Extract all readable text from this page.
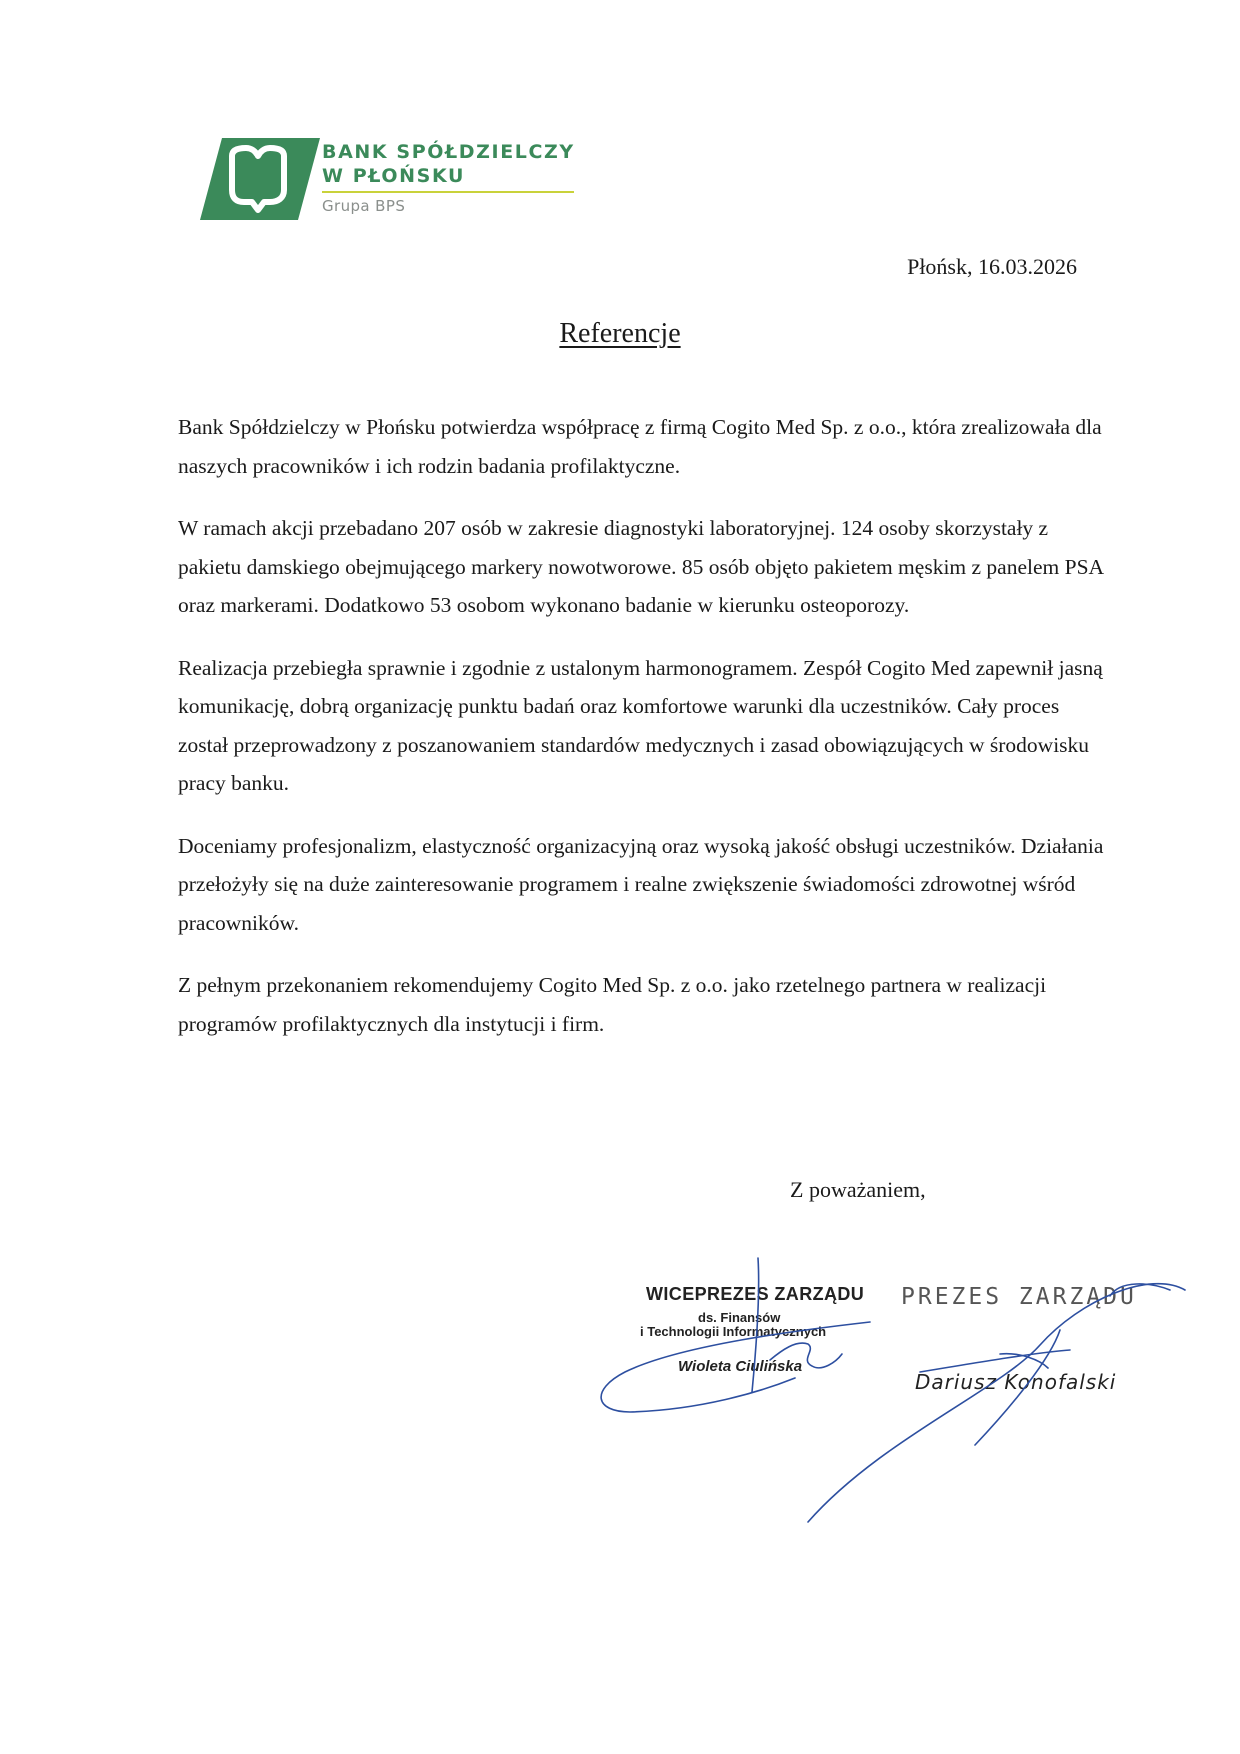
BANK SPÓŁDZIELCZY
W PŁOŃSKU
Grupa BPS
Płońsk, 16.03.2026
Referencje

Bank Spółdzielczy w Płońsku potwierdza współpracę z firmą Cogito Med Sp. z o.o., która zrealizowała dla naszych pracowników i ich rodzin badania profilaktyczne.

W ramach akcji przebadano 207 osób w zakresie diagnostyki laboratoryjnej. 124 osoby skorzystały z pakietu damskiego obejmującego markery nowotworowe. 85 osób objęto pakietem męskim z panelem PSA oraz markerami. Dodatkowo 53 osobom wykonano badanie w kierunku osteoporozy.

Realizacja przebiegła sprawnie i zgodnie z ustalonym harmonogramem. Zespół Cogito Med zapewnił jasną komunikację, dobrą organizację punktu badań oraz komfortowe warunki dla uczestników. Cały proces został przeprowadzony z poszanowaniem standardów medycznych i zasad obowiązujących w środowisku pracy banku.

Doceniamy profesjonalizm, elastyczność organizacyjną oraz wysoką jakość obsługi uczestników. Działania przełożyły się na duże zainteresowanie programem i realne zwiększenie świadomości zdrowotnej wśród pracowników.

Z pełnym przekonaniem rekomendujemy Cogito Med Sp. z o.o. jako rzetelnego partnera w realizacji programów profilaktycznych dla instytucji i firm.

Z poważaniem,
WICEPREZES ZARZĄDU
ds. Finansów
i Technologii Informatycznych
Wioleta Ciulińska
PREZES ZARZĄDU
Dariusz Konofalski
